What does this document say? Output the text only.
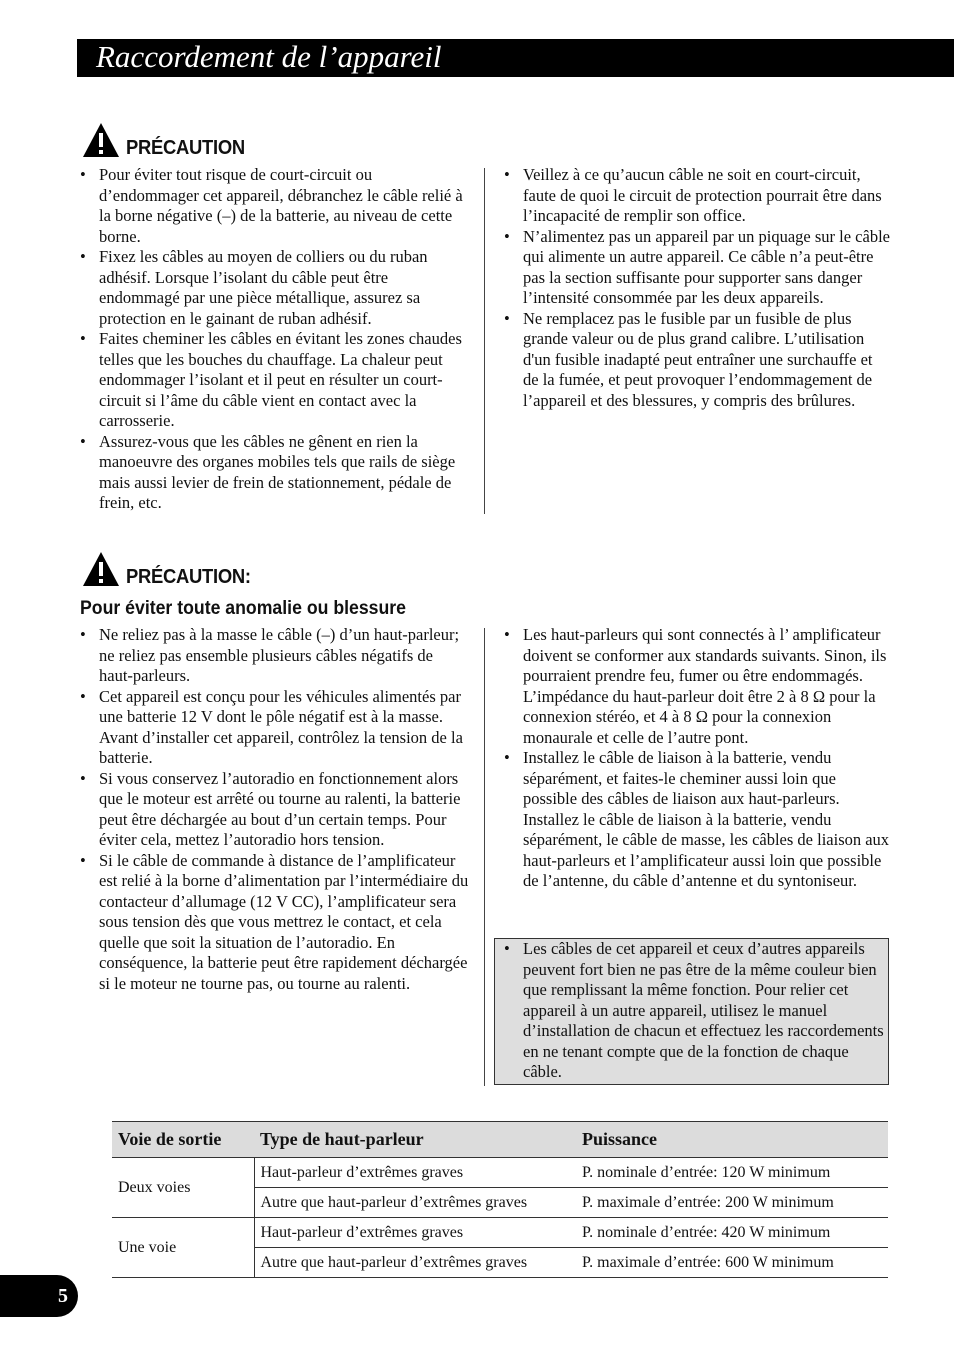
Raccordement de l’appareil
PRÉCAUTION
• Pour éviter tout risque de court-circuit ou d’endommager cet appareil, débranchez le câble relié à la borne négative (–) de la batterie, au niveau de cette borne.
• Fixez les câbles au moyen de colliers ou du ruban adhésif. Lorsque l’isolant du câble peut être endommagé par une pièce métallique, assurez sa protection en le gainant de ruban adhésif.
• Faites cheminer les câbles en évitant les zones chaudes telles que les bouches du chauffage. La chaleur peut endommager l’isolant et il peut en résulter un court-circuit si l’âme du câble vient en contact avec la carrosserie.
• Assurez-vous que les câbles ne gênent en rien la manoeuvre des organes mobiles tels que rails de siège mais aussi levier de frein de stationnement, pédale de frein, etc.
• Veillez à ce qu’aucun câble ne soit en court-circuit, faute de quoi le circuit de protection pourrait être dans l’incapacité de remplir son office.
• N’alimentez pas un appareil par un piquage sur le câble qui alimente un autre appareil. Ce câble n’a peut-être pas la section suffisante pour supporter sans danger l’intensité consommée par les deux appareils.
• Ne remplacez pas le fusible par un fusible de plus grande valeur ou de plus grand calibre. L’utilisation d'un fusible inadapté peut entraîner une surchauffe et de la fumée, et peut provoquer l’endommagement de l’appareil et des blessures, y compris des brûlures.
PRÉCAUTION:
Pour éviter toute anomalie ou blessure
• Ne reliez pas à la masse le câble (–) d’un haut-parleur; ne reliez pas ensemble plusieurs câbles négatifs de haut-parleurs.
• Cet appareil est conçu pour les véhicules alimentés par une batterie 12 V dont le pôle négatif est à la masse. Avant d’installer cet appareil, contrôlez la tension de la batterie.
• Si vous conservez l’autoradio en fonctionnement alors que le moteur est arrêté ou tourne au ralenti, la batterie peut être déchargée au bout d’un certain temps. Pour éviter cela, mettez l’autoradio hors tension.
• Si le câble de commande à distance de l’amplificateur est relié à la borne d’alimentation par l’intermédiaire du contacteur d’allumage (12 V CC), l’amplificateur sera sous tension dès que vous mettrez le contact, et cela quelle que soit la situation de l’autoradio. En conséquence, la batterie peut être rapidement déchargée si le moteur ne tourne pas, ou tourne au ralenti.
• Les haut-parleurs qui sont connectés à l’ amplificateur doivent se conformer aux standards suivants. Sinon, ils pourraient prendre feu, fumer ou être endommagés. L’impédance du haut-parleur doit être 2 à 8 Ω pour la connexion stéréo, et 4 à 8 Ω pour la connexion monaurale et celle de l’autre pont.
• Installez le câble de liaison à la batterie, vendu séparément, et faites-le cheminer aussi loin que possible des câbles de liaison aux haut-parleurs. Installez le câble de liaison à la batterie, vendu séparément, le câble de masse, les câbles de liaison aux haut-parleurs et l’amplificateur aussi loin que possible de l’antenne, du câble d’antenne et du syntoniseur.
• Les câbles de cet appareil et ceux d’autres appareils peuvent fort bien ne pas être de la même couleur bien que remplissant la même fonction. Pour relier cet appareil à un autre appareil, utilisez le manuel d’installation de chacun et effectuez les raccordements en ne tenant compte que de la fonction de chaque câble.
Voie de sortie	Type de haut-parleur	Puissance
Deux voies	Haut-parleur d’extrêmes graves	P. nominale d’entrée: 120 W minimum
	Autre que haut-parleur d’extrêmes graves	P. maximale d’entrée: 200 W minimum
Une voie	Haut-parleur d’extrêmes graves	P. nominale d’entrée: 420 W minimum
	Autre que haut-parleur d’extrêmes graves	P. maximale d’entrée: 600 W minimum
5
